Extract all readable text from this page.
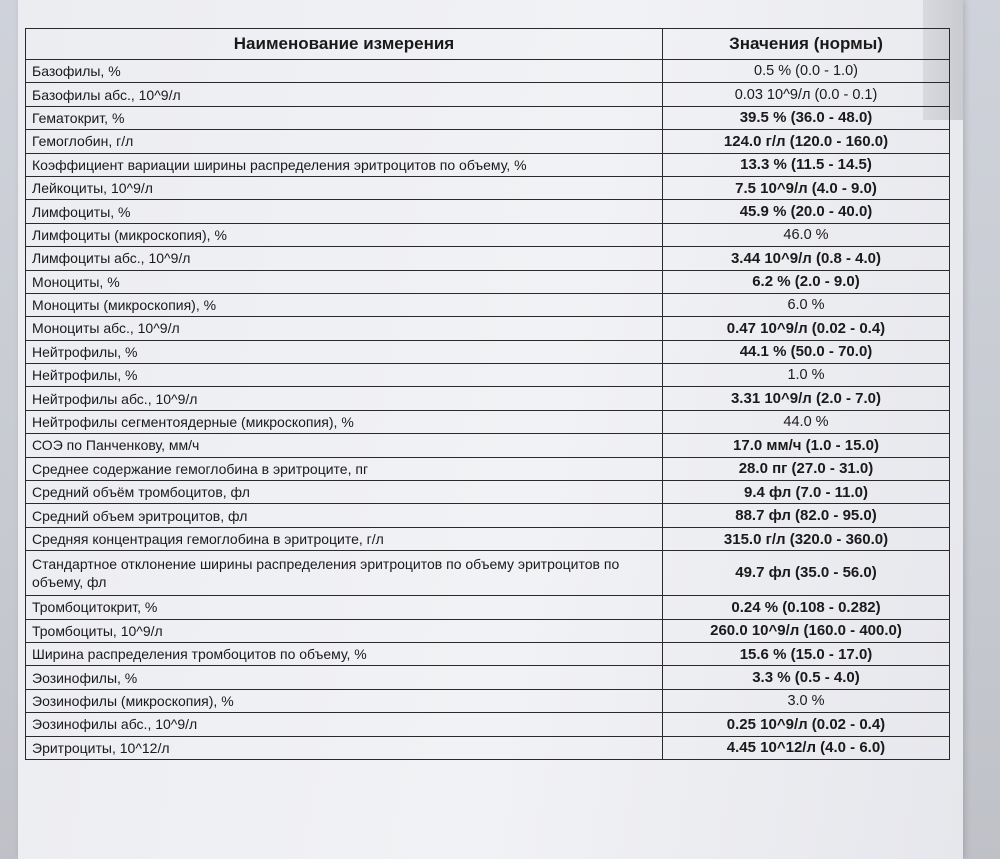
Наименование измерения	Значения (нормы)
Базофилы, %	0.5 % (0.0 - 1.0)
Базофилы абс., 10^9/л	0.03 10^9/л (0.0 - 0.1)
Гематокрит, %	39.5 % (36.0 - 48.0)
Гемоглобин, г/л	124.0 г/л (120.0 - 160.0)
Коэффициент вариации ширины распределения эритроцитов по объему, %	13.3 % (11.5 - 14.5)
Лейкоциты, 10^9/л	7.5 10^9/л (4.0 - 9.0)
Лимфоциты, %	45.9 % (20.0 - 40.0)
Лимфоциты (микроскопия), %	46.0 %
Лимфоциты абс., 10^9/л	3.44 10^9/л (0.8 - 4.0)
Моноциты, %	6.2 % (2.0 - 9.0)
Моноциты (микроскопия), %	6.0 %
Моноциты абс., 10^9/л	0.47 10^9/л (0.02 - 0.4)
Нейтрофилы, %	44.1 % (50.0 - 70.0)
Нейтрофилы, %	1.0 %
Нейтрофилы абс., 10^9/л	3.31 10^9/л (2.0 - 7.0)
Нейтрофилы сегментоядерные (микроскопия), %	44.0 %
СОЭ по Панченкову, мм/ч	17.0 мм/ч (1.0 - 15.0)
Среднее содержание гемоглобина в эритроците, пг	28.0 пг (27.0 - 31.0)
Средний объём тромбоцитов, фл	9.4 фл (7.0 - 11.0)
Средний объем эритроцитов, фл	88.7 фл (82.0 - 95.0)
Средняя концентрация гемоглобина в эритроците, г/л	315.0 г/л (320.0 - 360.0)
Стандартное отклонение ширины распределения эритроцитов по объему эритроцитов по объему, фл	49.7 фл (35.0 - 56.0)
Тромбоцитокрит, %	0.24 % (0.108 - 0.282)
Тромбоциты, 10^9/л	260.0 10^9/л (160.0 - 400.0)
Ширина распределения тромбоцитов по объему, %	15.6 % (15.0 - 17.0)
Эозинофилы, %	3.3 % (0.5 - 4.0)
Эозинофилы (микроскопия), %	3.0 %
Эозинофилы абс., 10^9/л	0.25 10^9/л (0.02 - 0.4)
Эритроциты, 10^12/л	4.45 10^12/л (4.0 - 6.0)
